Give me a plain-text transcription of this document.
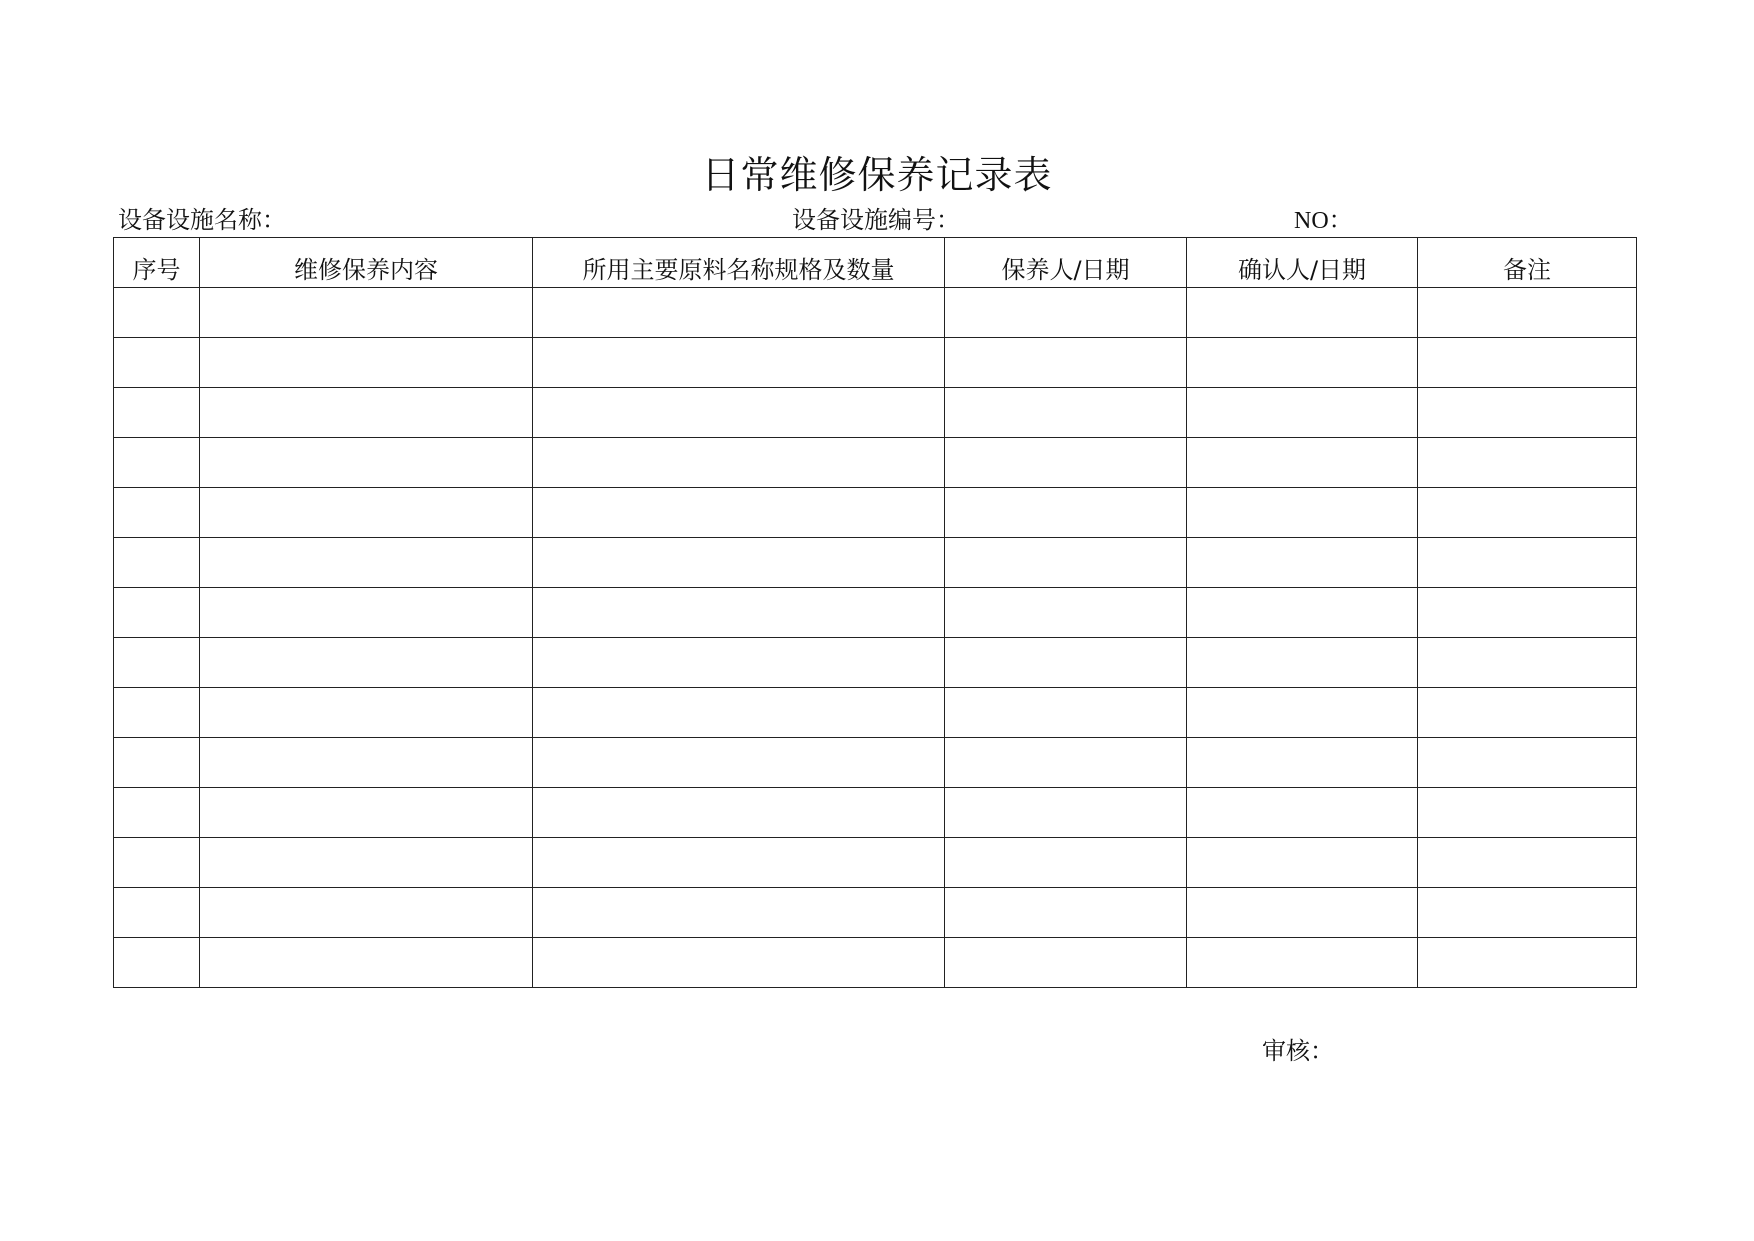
日常维修保养记录表
设备设施名称：	设备设施编号：	NO：
序号	维修保养内容	所用主要原料名称规格及数量	保养人/日期	确认人/日期	备注

审核：
